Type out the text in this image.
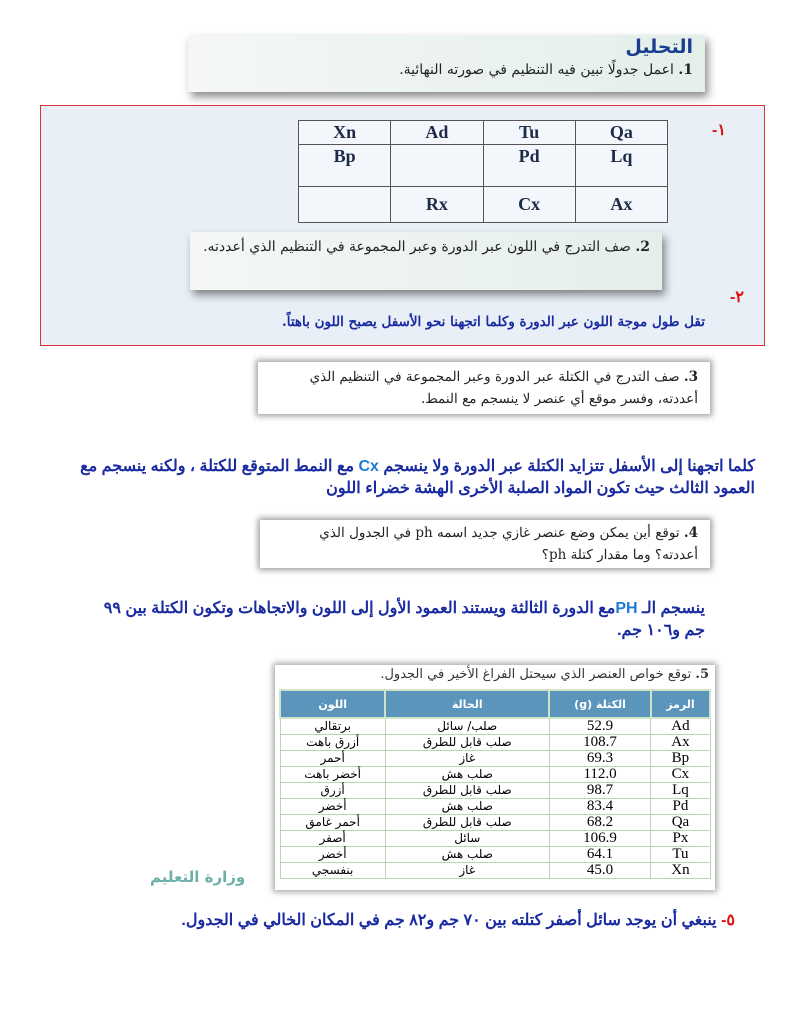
التحليل
1. اعمل جدولًا تبين فيه التنظيم في صورته النهائية.
-١
Xn	Ad	Tu	Qa
Bp		Pd	Lq
	Rx	Cx	Ax
2. صف التدرج في اللون عبر الدورة وعبر المجموعة في التنظيم الذي أعددته.
-٢
تقل طول موجة اللون عبر الدورة وكلما اتجهنا نحو الأسفل يصبح اللون باهتاً.
3. صف التدرج في الكتلة عبر الدورة وعبر المجموعة في التنظيم الذي أعددته، وفسر موقع أي عنصر لا ينسجم مع النمط.
كلما اتجهنا إلى الأسفل تتزايد الكتلة عبر الدورة ولا ينسجم Cx مع النمط المتوقع للكتلة ، ولكنه ينسجم مع العمود الثالث حيث تكون المواد الصلبة الأخرى الهشة خضراء اللون
4. توقع أين يمكن وضع عنصر غازي جديد اسمه ph في الجدول الذي أعددته؟ وما مقدار كتلة ph؟
ينسجم الـ PHمع الدورة الثالثة ويستند العمود الأول إلى اللون والاتجاهات وتكون الكتلة بين ٩٩ جم و١٠٦ جم.
5. توقع خواص العنصر الذي سيحتل الفراغ الأخير في الجدول.
الرمز	الكتلة (g)	الحالة	اللون
Ad	52.9	صلب/ سائل	برتقالي
Ax	108.7	صلب قابل للطرق	أزرق باهت
Bp	69.3	غاز	أحمر
Cx	112.0	صلب هش	أخضر باهت
Lq	98.7	صلب قابل للطرق	أزرق
Pd	83.4	صلب هش	أخضر
Qa	68.2	صلب قابل للطرق	أحمر غامق
Px	106.9	سائل	أصفر
Tu	64.1	صلب هش	أخضر
Xn	45.0	غاز	بنفسجي
وزارة التعليم
٥- ينبغي أن يوجد سائل أصفر كتلته بين ٧٠ جم و٨٢ جم في المكان الخالي في الجدول.
